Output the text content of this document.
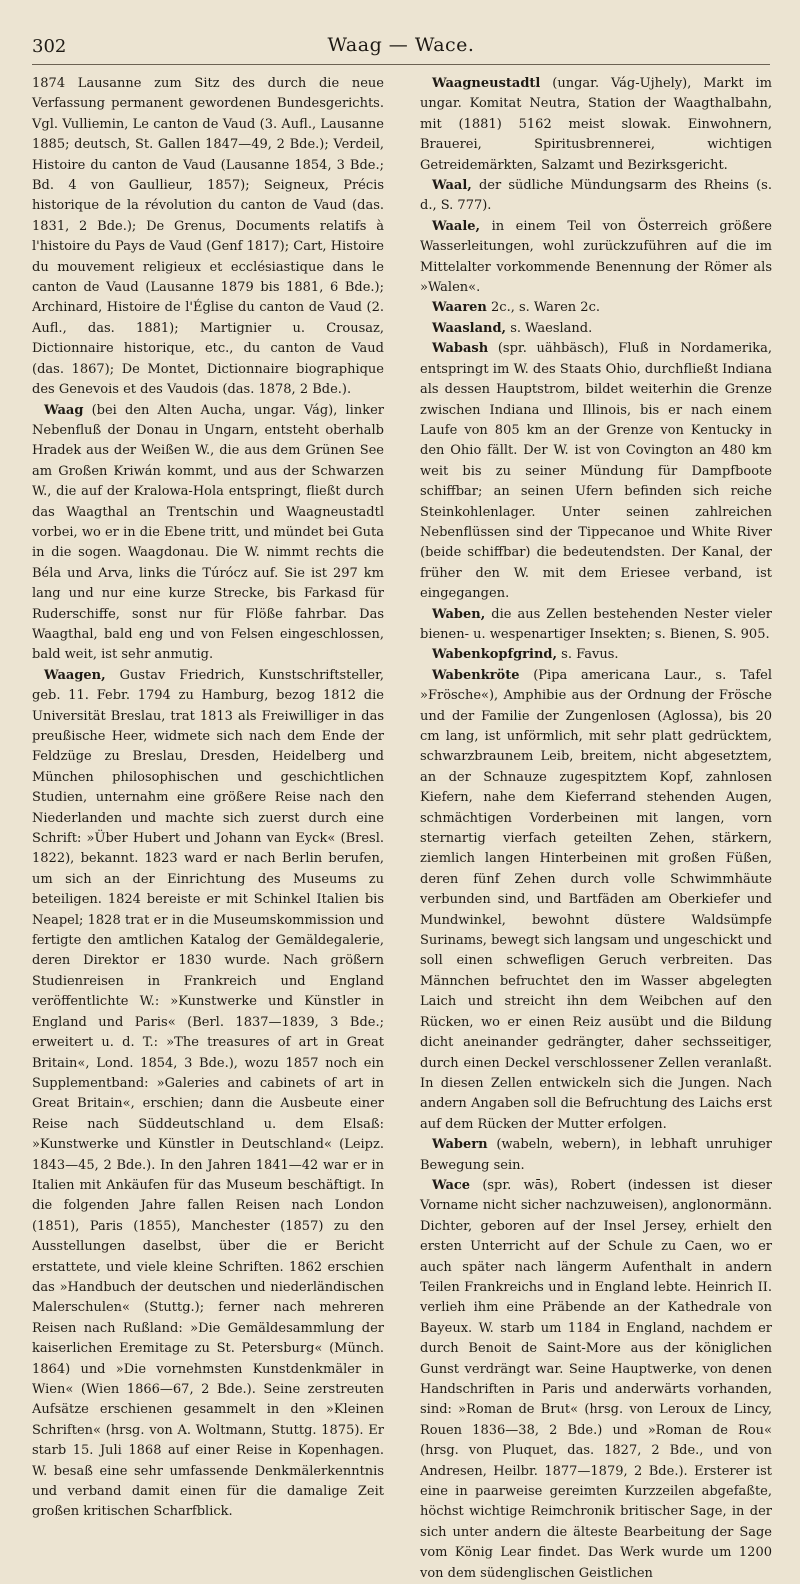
302	Waag — Wace.

1874 Lausanne zum Sitz des durch die neue Verfassung permanent gewordenen Bundesgerichts. Vgl. Vulliemin, Le canton de Vaud (3. Aufl., Lausanne 1885; deutsch, St. Gallen 1847—49, 2 Bde.); Verdeil, Histoire du canton de Vaud (Lausanne 1854, 3 Bde.; Bd. 4 von Gaullieur, 1857); Seigneux, Précis historique de la révolution du canton de Vaud (das. 1831, 2 Bde.); De Grenus, Documents relatifs à l'histoire du Pays de Vaud (Genf 1817); Cart, Histoire du mouvement religieux et ecclésiastique dans le canton de Vaud (Lausanne 1879 bis 1881, 6 Bde.); Archinard, Histoire de l'Église du canton de Vaud (2. Aufl., das. 1881); Martignier u. Crousaz, Dictionnaire historique, etc., du canton de Vaud (das. 1867); De Montet, Dictionnaire biographique des Genevois et des Vaudois (das. 1878, 2 Bde.).

Waag (bei den Alten Aucha, ungar. Vág), linker Nebenfluß der Donau in Ungarn, entsteht oberhalb Hradek aus der Weißen W., die aus dem Grünen See am Großen Kriwán kommt, und aus der Schwarzen W., die auf der Kralowa-Hola entspringt, fließt durch das Waagthal an Trentschin und Waagneustadtl vorbei, wo er in die Ebene tritt, und mündet bei Guta in die sogen. Waagdonau. Die W. nimmt rechts die Béla und Arva, links die Túrócz auf. Sie ist 297 km lang und nur eine kurze Strecke, bis Farkasd für Ruderschiffe, sonst nur für Flöße fahrbar. Das Waagthal, bald eng und von Felsen eingeschlossen, bald weit, ist sehr anmutig.

Waagen, Gustav Friedrich, Kunstschriftsteller, geb. 11. Febr. 1794 zu Hamburg, bezog 1812 die Universität Breslau, trat 1813 als Freiwilliger in das preußische Heer, widmete sich nach dem Ende der Feldzüge zu Breslau, Dresden, Heidelberg und München philosophischen und geschichtlichen Studien, unternahm eine größere Reise nach den Niederlanden und machte sich zuerst durch eine Schrift: »Über Hubert und Johann van Eyck« (Bresl. 1822), bekannt. 1823 ward er nach Berlin berufen, um sich an der Einrichtung des Museums zu beteiligen. 1824 bereiste er mit Schinkel Italien bis Neapel; 1828 trat er in die Museumskommission und fertigte den amtlichen Katalog der Gemäldegalerie, deren Direktor er 1830 wurde. Nach größern Studienreisen in Frankreich und England veröffentlichte W.: »Kunstwerke und Künstler in England und Paris« (Berl. 1837—1839, 3 Bde.; erweitert u. d. T.: »The treasures of art in Great Britain«, Lond. 1854, 3 Bde.), wozu 1857 noch ein Supplementband: »Galeries and cabinets of art in Great Britain«, erschien; dann die Ausbeute einer Reise nach Süddeutschland u. dem Elsaß: »Kunstwerke und Künstler in Deutschland« (Leipz. 1843—45, 2 Bde.). In den Jahren 1841—42 war er in Italien mit Ankäufen für das Museum beschäftigt. In die folgenden Jahre fallen Reisen nach London (1851), Paris (1855), Manchester (1857) zu den Ausstellungen daselbst, über die er Bericht erstattete, und viele kleine Schriften. 1862 erschien das »Handbuch der deutschen und niederländischen Malerschulen« (Stuttg.); ferner nach mehreren Reisen nach Rußland: »Die Gemäldesammlung der kaiserlichen Eremitage zu St. Petersburg« (Münch. 1864) und »Die vornehmsten Kunstdenkmäler in Wien« (Wien 1866—67, 2 Bde.). Seine zerstreuten Aufsätze erschienen gesammelt in den »Kleinen Schriften« (hrsg. von A. Woltmann, Stuttg. 1875). Er starb 15. Juli 1868 auf einer Reise in Kopenhagen. W. besaß eine sehr umfassende Denkmälerkenntnis und verband damit einen für die damalige Zeit großen kritischen Scharfblick.

Waagneustadtl (ungar. Vág-Ujhely), Markt im ungar. Komitat Neutra, Station der Waagthalbahn, mit (1881) 5162 meist slowak. Einwohnern, Brauerei, Spiritusbrennerei, wichtigen Getreidemärkten, Salzamt und Bezirksgericht.

Waal, der südliche Mündungsarm des Rheins (s. d., S. 777).

Waale, in einem Teil von Österreich größere Wasserleitungen, wohl zurückzuführen auf die im Mittelalter vorkommende Benennung der Römer als »Walen«.

Waaren 2c., s. Waren 2c.

Waasland, s. Waesland.

Wabash (spr. uähbäsch), Fluß in Nordamerika, entspringt im W. des Staats Ohio, durchfließt Indiana als dessen Hauptstrom, bildet weiterhin die Grenze zwischen Indiana und Illinois, bis er nach einem Laufe von 805 km an der Grenze von Kentucky in den Ohio fällt. Der W. ist von Covington an 480 km weit bis zu seiner Mündung für Dampfboote schiffbar; an seinen Ufern befinden sich reiche Steinkohlenlager. Unter seinen zahlreichen Nebenflüssen sind der Tippecanoe und White River (beide schiffbar) die bedeutendsten. Der Kanal, der früher den W. mit dem Eriesee verband, ist eingegangen.

Waben, die aus Zellen bestehenden Nester vieler bienen- u. wespenartiger Insekten; s. Bienen, S. 905.

Wabenkopfgrind, s. Favus.

Wabenkröte (Pipa americana Laur., s. Tafel »Frösche«), Amphibie aus der Ordnung der Frösche und der Familie der Zungenlosen (Aglossa), bis 20 cm lang, ist unförmlich, mit sehr platt gedrücktem, schwarzbraunem Leib, breitem, nicht abgesetztem, an der Schnauze zugespitztem Kopf, zahnlosen Kiefern, nahe dem Kieferrand stehenden Augen, schmächtigen Vorderbeinen mit langen, vorn sternartig vierfach geteilten Zehen, stärkern, ziemlich langen Hinterbeinen mit großen Füßen, deren fünf Zehen durch volle Schwimmhäute verbunden sind, und Bartfäden am Oberkiefer und Mundwinkel, bewohnt düstere Waldsümpfe Surinams, bewegt sich langsam und ungeschickt und soll einen schwefligen Geruch verbreiten. Das Männchen befruchtet den im Wasser abgelegten Laich und streicht ihn dem Weibchen auf den Rücken, wo er einen Reiz ausübt und die Bildung dicht aneinander gedrängter, daher sechsseitiger, durch einen Deckel verschlossener Zellen veranlaßt. In diesen Zellen entwickeln sich die Jungen. Nach andern Angaben soll die Befruchtung des Laichs erst auf dem Rücken der Mutter erfolgen.

Wabern (wabeln, webern), in lebhaft unruhiger Bewegung sein.

Wace (spr. wās), Robert (indessen ist dieser Vorname nicht sicher nachzuweisen), anglonormänn. Dichter, geboren auf der Insel Jersey, erhielt den ersten Unterricht auf der Schule zu Caen, wo er auch später nach längerm Aufenthalt in andern Teilen Frankreichs und in England lebte. Heinrich II. verlieh ihm eine Präbende an der Kathedrale von Bayeux. W. starb um 1184 in England, nachdem er durch Benoit de Saint-More aus der königlichen Gunst verdrängt war. Seine Hauptwerke, von denen Handschriften in Paris und anderwärts vorhanden, sind: »Roman de Brut« (hrsg. von Leroux de Lincy, Rouen 1836—38, 2 Bde.) und »Roman de Rou« (hrsg. von Pluquet, das. 1827, 2 Bde., und von Andresen, Heilbr. 1877—1879, 2 Bde.). Ersterer ist eine in paarweise gereimten Kurzzeilen abgefaßte, höchst wichtige Reimchronik britischer Sage, in der sich unter andern die älteste Bearbeitung der Sage vom König Lear findet. Das Werk wurde um 1200 von dem südenglischen Geistlichen
